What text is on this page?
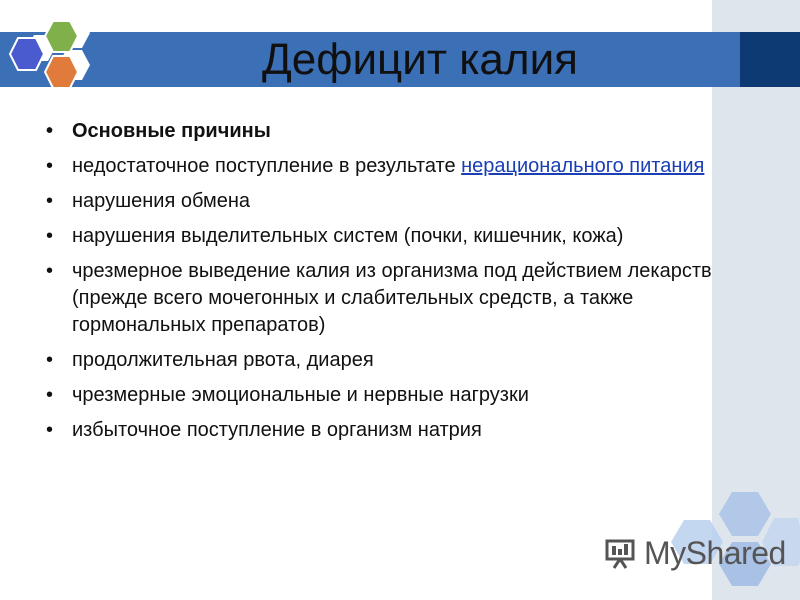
Дефицит калия
• Основные причины
• недостаточное поступление в результате нерационального питания
• нарушения обмена
• нарушения выделительных систем (почки, кишечник, кожа)
• чрезмерное выведение калия из организма под действием лекарств (прежде всего мочегонных и слабительных средств, а также гормональных препаратов)
• продолжительная рвота, диарея
• чрезмерные эмоциональные и нервные нагрузки
• избыточное поступление в организм натрия
MyShared
